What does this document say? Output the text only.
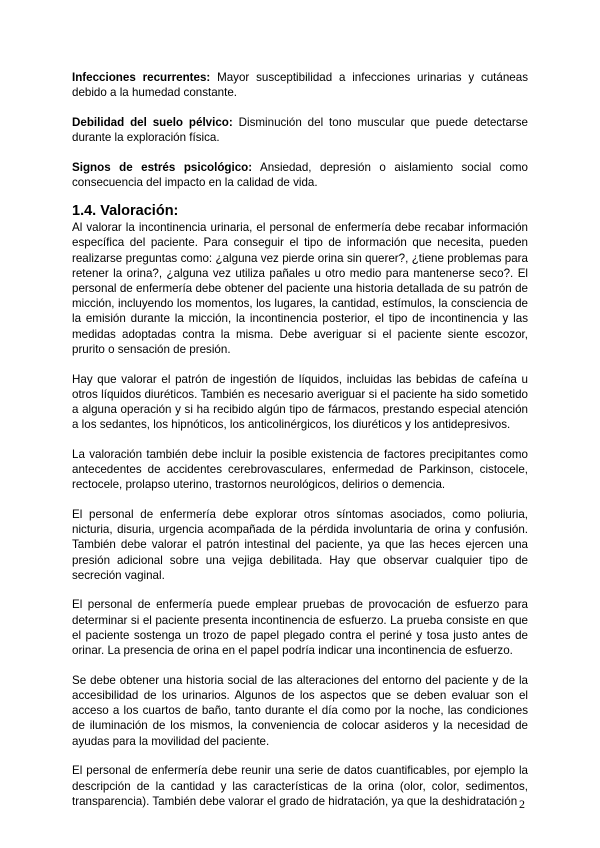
Infecciones recurrentes: Mayor susceptibilidad a infecciones urinarias y cutáneas debido a la humedad constante.

Debilidad del suelo pélvico: Disminución del tono muscular que puede detectarse durante la exploración física.

Signos de estrés psicológico: Ansiedad, depresión o aislamiento social como consecuencia del impacto en la calidad de vida.

1.4. Valoración:

Al valorar la incontinencia urinaria, el personal de enfermería debe recabar información específica del paciente. Para conseguir el tipo de información que necesita, pueden realizarse preguntas como: ¿alguna vez pierde orina sin querer?, ¿tiene problemas para retener la orina?, ¿alguna vez utiliza pañales u otro medio para mantenerse seco?. El personal de enfermería debe obtener del paciente una historia detallada de su patrón de micción, incluyendo los momentos, los lugares, la cantidad, estímulos, la consciencia de la emisión durante la micción, la incontinencia posterior, el tipo de incontinencia y las medidas adoptadas contra la misma. Debe averiguar si el paciente siente escozor, prurito o sensación de presión.

Hay que valorar el patrón de ingestión de líquidos, incluidas las bebidas de cafeína u otros líquidos diuréticos. También es necesario averiguar si el paciente ha sido sometido a alguna operación y si ha recibido algún tipo de fármacos, prestando especial atención a los sedantes, los hipnóticos, los anticolinérgicos, los diuréticos y los antidepresivos.

La valoración también debe incluir la posible existencia de factores precipitantes como antecedentes de accidentes cerebrovasculares, enfermedad de Parkinson, cistocele, rectocele, prolapso uterino, trastornos neurológicos, delirios o demencia.

El personal de enfermería debe explorar otros síntomas asociados, como poliuria, nicturia, disuria, urgencia acompañada de la pérdida involuntaria de orina y confusión. También debe valorar el patrón intestinal del paciente, ya que las heces ejercen una presión adicional sobre una vejiga debilitada. Hay que observar cualquier tipo de secreción vaginal.

El personal de enfermería puede emplear pruebas de provocación de esfuerzo para determinar si el paciente presenta incontinencia de esfuerzo. La prueba consiste en que el paciente sostenga un trozo de papel plegado contra el periné y tosa justo antes de orinar. La presencia de orina en el papel podría indicar una incontinencia de esfuerzo.

Se debe obtener una historia social de las alteraciones del entorno del paciente y de la accesibilidad de los urinarios. Algunos de los aspectos que se deben evaluar son el acceso a los cuartos de baño, tanto durante el día como por la noche, las condiciones de iluminación de los mismos, la conveniencia de colocar asideros y la necesidad de ayudas para la movilidad del paciente.

El personal de enfermería debe reunir una serie de datos cuantificables, por ejemplo la descripción de la cantidad y las características de la orina (olor, color, sedimentos, transparencia). También debe valorar el grado de hidratación, ya que la deshidratación 2
